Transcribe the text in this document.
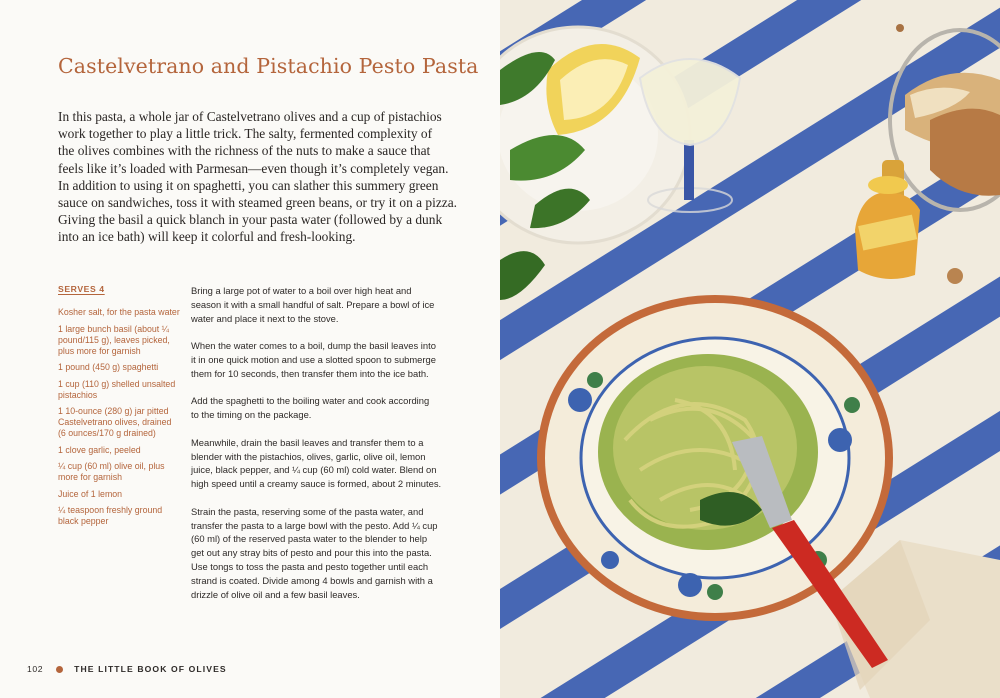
Castelvetrano and Pistachio Pesto Pasta

In this pasta, a whole jar of Castelvetrano olives and a cup of pistachios
work together to play a little trick. The salty, fermented complexity of
the olives combines with the richness of the nuts to make a sauce that
feels like it’s loaded with Parmesan—even though it’s completely vegan.
In addition to using it on spaghetti, you can slather this summery green
sauce on sandwiches, toss it with steamed green beans, or try it on a pizza.
Giving the basil a quick blanch in your pasta water (followed by a dunk
into an ice bath) will keep it colorful and fresh-looking.

SERVES 4
Kosher salt, for the pasta water
1 large bunch basil (about ¼
pound/115 g), leaves picked,
plus more for garnish
1 pound (450 g) spaghetti
1 cup (110 g) shelled unsalted
pistachios
1 10-ounce (280 g) jar pitted
Castelvetrano olives, drained
(6 ounces/170 g drained)
1 clove garlic, peeled
¼ cup (60 ml) olive oil, plus
more for garnish
Juice of 1 lemon
¼ teaspoon freshly ground
black pepper

Bring a large pot of water to a boil over high heat and
season it with a small handful of salt. Prepare a bowl of ice
water and place it next to the stove.

When the water comes to a boil, dump the basil leaves into
it in one quick motion and use a slotted spoon to submerge
them for 10 seconds, then transfer them into the ice bath.

Add the spaghetti to the boiling water and cook according
to the timing on the package.

Meanwhile, drain the basil leaves and transfer them to a
blender with the pistachios, olives, garlic, olive oil, lemon
juice, black pepper, and ¼ cup (60 ml) cold water. Blend on
high speed until a creamy sauce is formed, about 2 minutes.

Strain the pasta, reserving some of the pasta water, and
transfer the pasta to a large bowl with the pesto. Add ¼ cup
(60 ml) of the reserved pasta water to the blender to help
get out any stray bits of pesto and pour this into the pasta.
Use tongs to toss the pasta and pesto together until each
strand is coated. Divide among 4 bowls and garnish with a
drizzle of olive oil and a few basil leaves.

102	THE LITTLE BOOK OF OLIVES
